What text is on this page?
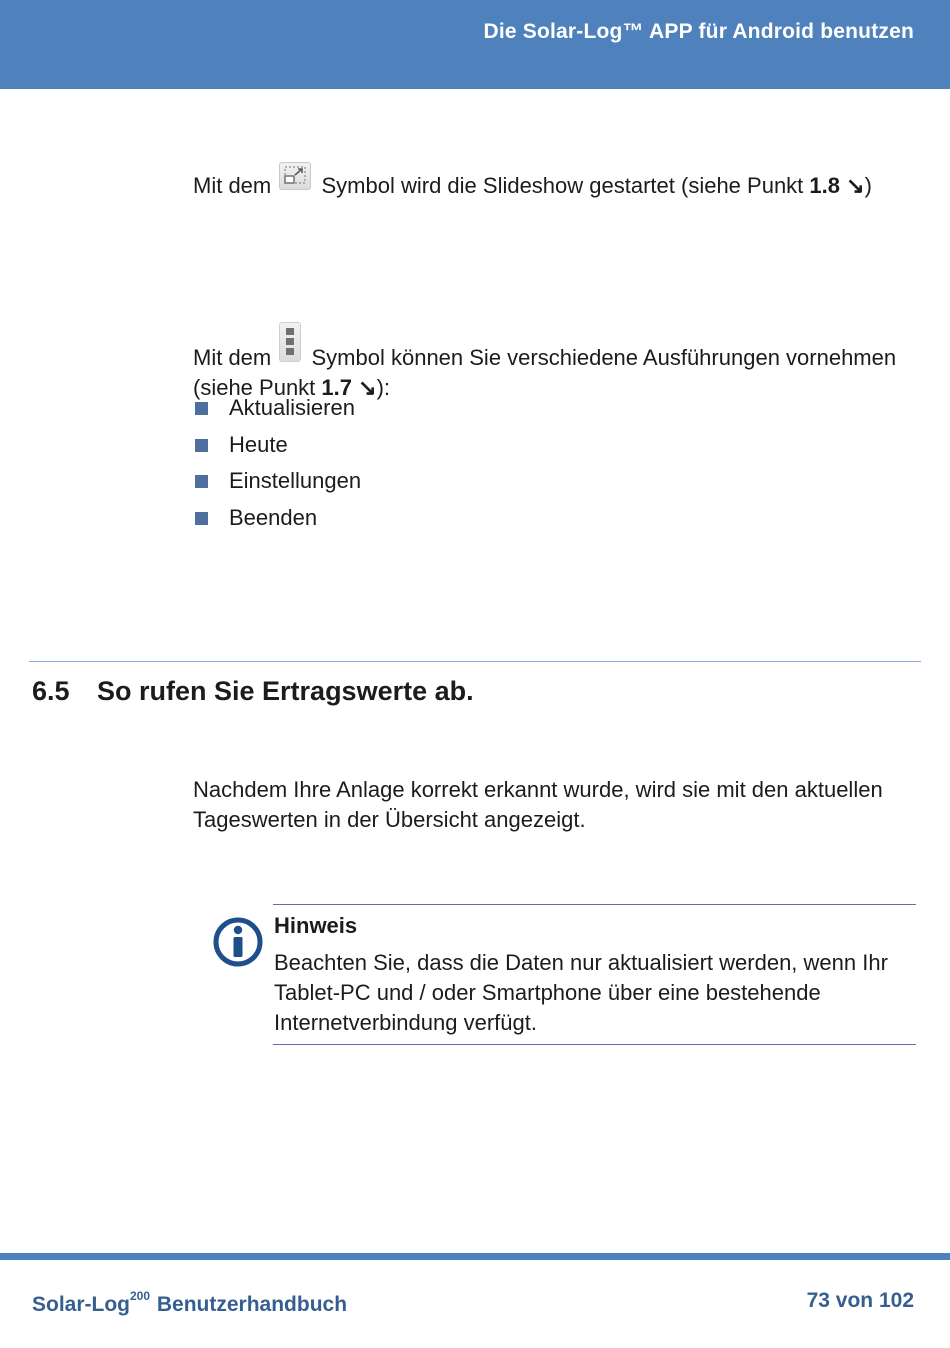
Die Solar-Log™ APP für Android benutzen

Mit dem Symbol wird die Slideshow gestartet (siehe Punkt 1.8 ↘)

Mit dem Symbol können Sie verschiedene Ausführungen vornehmen (siehe Punkt 1.7 ↘):

Aktualisieren
Heute
Einstellungen
Beenden
6.5 So rufen Sie Ertragswerte ab.

Nachdem Ihre Anlage korrekt erkannt wurde, wird sie mit den aktuellen Tageswerten in der Übersicht angezeigt.

Hinweis
Beachten Sie, dass die Daten nur aktualisiert werden, wenn Ihr Tablet-PC und / oder Smartphone über eine bestehende Internetverbindung verfügt.
Solar-Log$^{200}$ Benutzerhandbuch	73 von 102
